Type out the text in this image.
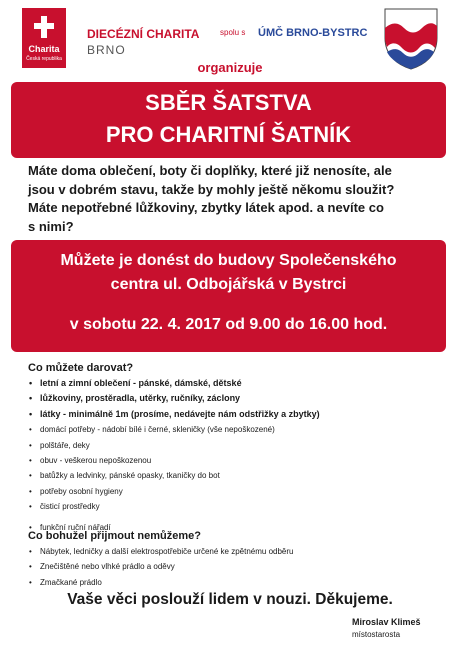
Charita
Česká republika
DIECÉZNÍ CHARITA
BRNO
spolu s ÚMČ BRNO-BYSTRC
organizuje
SBĚR ŠATSTVA
PRO CHARITNÍ ŠATNÍK
Máte doma oblečení, boty či doplňky, které již nenosíte, ale
jsou v dobrém stavu, takže by mohly ještě někomu sloužit?
Máte nepotřebné lůžkoviny, zbytky látek apod. a nevíte co
s nimi?
Můžete je donést do budovy Společenského
centra ul. Odbojářská v Bystrci
v sobotu 22. 4. 2017 od 9.00 do 16.00 hod.
Co můžete darovat?
• letní a zimní oblečení - pánské, dámské, dětské
• lůžkoviny, prostěradla, utěrky, ručníky, záclony
• látky - minimálně 1m (prosíme, nedávejte nám odstřižky a zbytky)
• domácí potřeby - nádobí bílé i černé, skleničky (vše nepoškozené)
• polštáře, deky
• obuv - veškerou nepoškozenou
• batůžky a ledvinky, pánské opasky, tkaničky do bot
• potřeby osobní hygieny
• čisticí prostředky
• funkční ruční nářadí
Co bohužel přijmout nemůžeme?
• Nábytek, ledničky a další elektrospotřebiče určené ke zpětnému odběru
• Znečištěné nebo vlhké prádlo a oděvy
• Zmačkané prádlo
Vaše věci poslouží lidem v nouzi. Děkujeme.
Miroslav Klimeš
místostarosta
